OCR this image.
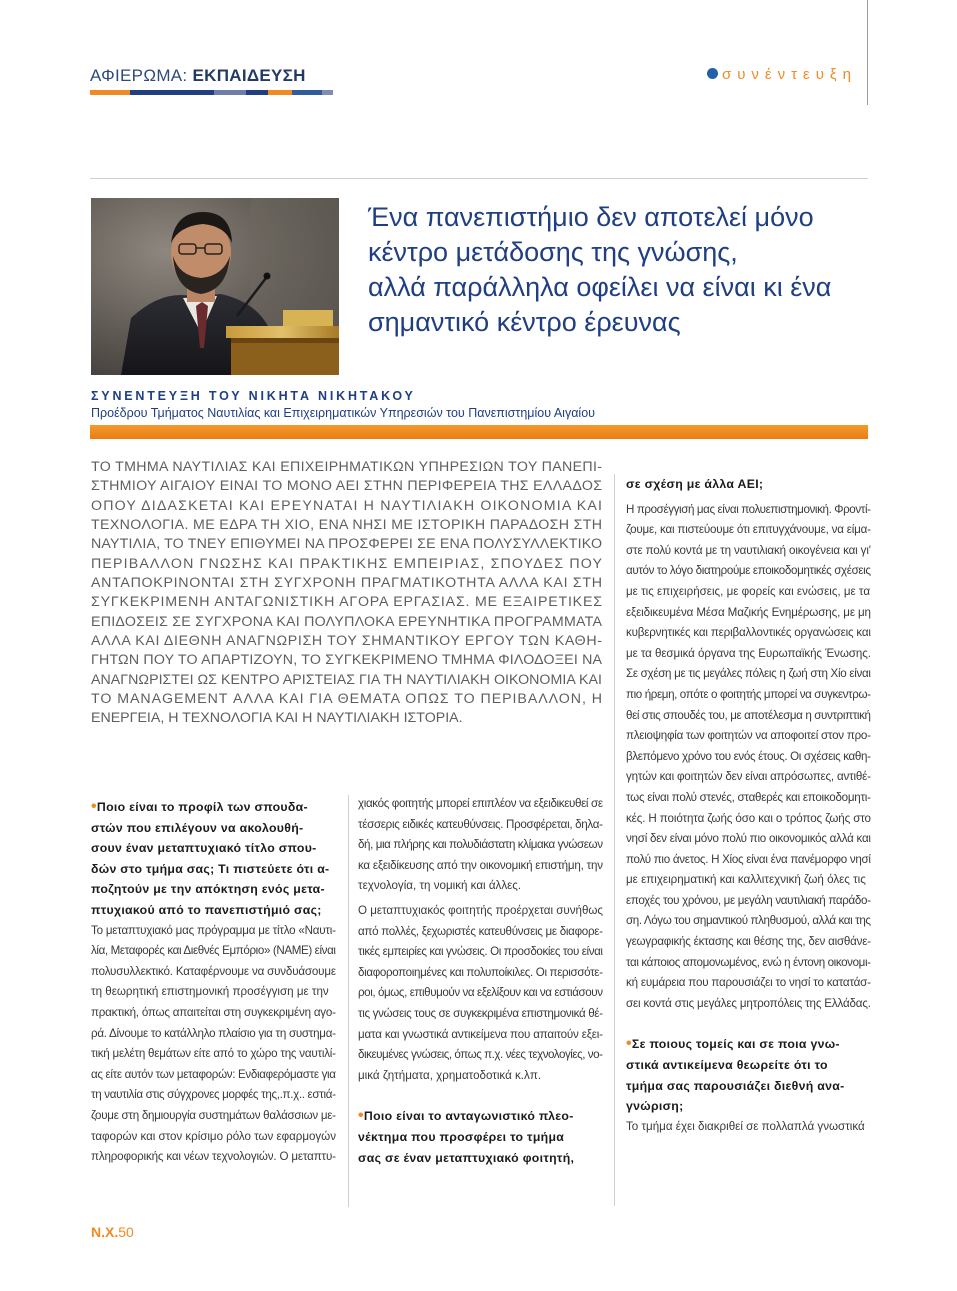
ΑΦΙΕΡΩΜΑ: ΕΚΠΑΙΔΕΥΣΗ	συνέντευξη
Ένα πανεπιστήμιο δεν αποτελεί μόνο
κέντρο μετάδοσης της γνώσης,
αλλά παράλληλα οφείλει να είναι κι ένα
σημαντικό κέντρο έρευνας
ΣΥΝΕΝΤΕΥΞΗ ΤΟΥ ΝΙΚΗΤΑ ΝΙΚΗΤΑΚΟΥ
Προέδρου Τμήματος Ναυτιλίας και Επιχειρηματικών Υπηρεσιών του Πανεπιστημίου Αιγαίου
ΤΟ ΤΜΗΜΑ ΝΑΥΤΙΛΙΑΣ ΚΑΙ ΕΠΙΧΕΙΡΗΜΑΤΙΚΩΝ ΥΠΗΡΕΣΙΩΝ ΤΟΥ ΠΑΝΕΠΙ-
ΣΤΗΜΙΟΥ ΑΙΓΑΙΟΥ ΕΙΝΑΙ ΤΟ ΜΟΝΟ ΑΕΙ ΣΤΗΝ ΠΕΡΙΦΕΡΕΙΑ ΤΗΣ ΕΛΛΑΔΟΣ
ΟΠΟΥ ΔΙΔΑΣΚΕΤΑΙ ΚΑΙ ΕΡΕΥΝΑΤΑΙ Η ΝΑΥΤΙΛΙΑΚΗ ΟΙΚΟΝΟΜΙΑ ΚΑΙ
ΤΕΧΝΟΛΟΓΙΑ. ΜΕ ΕΔΡΑ ΤΗ ΧΙΟ, ΕΝΑ ΝΗΣΙ ΜΕ ΙΣΤΟΡΙΚΗ ΠΑΡΑΔΟΣΗ ΣΤΗ
ΝΑΥΤΙΛΙΑ, ΤΟ ΤΝΕΥ ΕΠΙΘΥΜΕΙ ΝΑ ΠΡΟΣΦΕΡΕΙ ΣΕ ΕΝΑ ΠΟΛΥΣΥΛΛΕΚΤΙΚΟ
ΠΕΡΙΒΑΛΛΟΝ ΓΝΩΣΗΣ ΚΑΙ ΠΡΑΚΤΙΚΗΣ ΕΜΠΕΙΡΙΑΣ, ΣΠΟΥΔΕΣ ΠΟΥ
ΑΝΤΑΠΟΚΡΙΝΟΝΤΑΙ ΣΤΗ ΣΥΓΧΡΟΝΗ ΠΡΑΓΜΑΤΙΚΟΤΗΤΑ ΑΛΛΑ ΚΑΙ ΣΤΗ
ΣΥΓΚΕΚΡΙΜΕΝΗ ΑΝΤΑΓΩΝΙΣΤΙΚΗ ΑΓΟΡΑ ΕΡΓΑΣΙΑΣ. ΜΕ ΕΞΑΙΡΕΤΙΚΕΣ
ΕΠΙΔΟΣΕΙΣ ΣΕ ΣΥΓΧΡΟΝΑ ΚΑΙ ΠΟΛΥΠΛΟΚΑ ΕΡΕΥΝΗΤΙΚΑ ΠΡΟΓΡΑΜΜΑΤΑ
ΑΛΛΑ ΚΑΙ ΔΙΕΘΝΗ ΑΝΑΓΝΩΡΙΣΗ ΤΟΥ ΣΗΜΑΝΤΙΚΟΥ ΕΡΓΟΥ ΤΩΝ ΚΑΘΗ-
ΓΗΤΩΝ ΠΟΥ ΤΟ ΑΠΑΡΤΙΖΟΥΝ, ΤΟ ΣΥΓΚΕΚΡΙΜΕΝΟ ΤΜΗΜΑ ΦΙΛΟΔΟΞΕΙ ΝΑ
ΑΝΑΓΝΩΡΙΣΤΕΙ ΩΣ ΚΕΝΤΡΟ ΑΡΙΣΤΕΙΑΣ ΓΙΑ ΤΗ ΝΑΥΤΙΛΙΑΚΗ ΟΙΚΟΝΟΜΙΑ ΚΑΙ
ΤΟ MANAGEMENT ΑΛΛΑ ΚΑΙ ΓΙΑ ΘΕΜΑΤΑ ΟΠΩΣ ΤΟ ΠΕΡΙΒΑΛΛΟΝ, Η
ΕΝΕΡΓΕΙΑ, Η ΤΕΧΝΟΛΟΓΙΑ ΚΑΙ Η ΝΑΥΤΙΛΙΑΚΗ ΙΣΤΟΡΙΑ.
•Ποιο είναι το προφίλ των σπουδα-
στών που επιλέγουν να ακολουθή-
σουν έναν μεταπτυχιακό τίτλο σπου-
δών στο τμήμα σας; Τι πιστεύετε ότι α-
ποζητούν με την απόκτηση ενός μετα-
πτυχιακού από το πανεπιστήμιό σας;
Το μεταπτυχιακό μας πρόγραμμα με τίτλο «Ναυτι-
λία, Μεταφορές και Διεθνές Εμπόριο» (ΝΑΜΕ) είναι
πολυσυλλεκτικό. Καταφέρνουμε να συνδυάσουμε
τη θεωρητική επιστημονική προσέγγιση με την
πρακτική, όπως απαιτείται στη συγκεκριμένη αγο-
ρά. Δίνουμε το κατάλληλο πλαίσιο για τη συστημα-
τική μελέτη θεμάτων είτε από το χώρο της ναυτιλί-
ας είτε αυτόν των μεταφορών: Ενδιαφερόμαστε για
τη ναυτιλία στις σύγχρονες μορφές της,.π.χ.. εστιά-
ζουμε στη δημιουργία συστημάτων θαλάσσιων με-
ταφορών και στον κρίσιμο ρόλο των εφαρμογών
πληροφορικής και νέων τεχνολογιών. Ο μεταπτυ-
χιακός φοιτητής μπορεί επιπλέον να εξειδικευθεί σε
τέσσερις ειδικές κατευθύνσεις. Προσφέρεται, δηλα-
δή, μια πλήρης και πολυδιάστατη κλίμακα γνώσεων
κα εξειδίκευσης από την οικονομική επιστήμη, την
τεχνολογία, τη νομική και άλλες.
Ο μεταπτυχιακός φοιτητής προέρχεται συνήθως
από πολλές, ξεχωριστές κατευθύνσεις με διαφορε-
τικές εμπειρίες και γνώσεις. Οι προσδοκίες του είναι
διαφοροποιημένες και πολυποίκιλες. Οι περισσότε-
ροι, όμως, επιθυμούν να εξελίξουν και να εστιάσουν
τις γνώσεις τους σε συγκεκριμένα επιστημονικά θέ-
ματα και γνωστικά αντικείμενα που απαιτούν εξει-
δικευμένες γνώσεις, όπως π.χ. νέες τεχνολογίες, νο-
μικά ζητήματα, χρηματοδοτικά κ.λπ.
•Ποιο είναι το ανταγωνιστικό πλεο-
νέκτημα που προσφέρει το τμήμα
σας σε έναν μεταπτυχιακό φοιτητή,
σε σχέση με άλλα ΑΕΙ;
Η προσέγγισή μας είναι πολυεπιστημονική. Φροντί-
ζουμε, και πιστεύουμε ότι επιτυγχάνουμε, να είμα-
στε πολύ κοντά με τη ναυτιλιακή οικογένεια και γι'
αυτόν το λόγο διατηρούμε εποικοδομητικές σχέσεις
με τις επιχειρήσεις, με φορείς και ενώσεις, με τα
εξειδικευμένα Μέσα Μαζικής Ενημέρωσης, με μη
κυβερνητικές και περιβαλλοντικές οργανώσεις και
με τα θεσμικά όργανα της Ευρωπαϊκής Ένωσης.
Σε σχέση με τις μεγάλες πόλεις η ζωή στη Χίο είναι
πιο ήρεμη, οπότε ο φοιτητής μπορεί να συγκεντρω-
θεί στις σπουδές του, με αποτέλεσμα η συντριπτική
πλειοψηφία των φοιτητών να αποφοιτεί στον προ-
βλεπόμενο χρόνο του ενός έτους. Οι σχέσεις καθη-
γητών και φοιτητών δεν είναι απρόσωπες, αντιθέ-
τως είναι πολύ στενές, σταθερές και εποικοδομητι-
κές. Η ποιότητα ζωής όσο και ο τρόπος ζωής στο
νησί δεν είναι μόνο πολύ πιο οικονομικός αλλά και
πολύ πιο άνετος. Η Χίος είναι ένα πανέμορφο νησί
με επιχειρηματική και καλλιτεχνική ζωή όλες τις
εποχές του χρόνου, με μεγάλη ναυτιλιακή παράδο-
ση. Λόγω του σημαντικού πληθυσμού, αλλά και της
γεωγραφικής έκτασης και θέσης της, δεν αισθάνε-
ται κάποιος απομονωμένος, ενώ η έντονη οικονομι-
κή ευμάρεια που παρουσιάζει το νησί το κατατάσ-
σει κοντά στις μεγάλες μητροπόλεις της Ελλάδας.
•Σε ποιους τομείς και σε ποια γνω-
στικά αντικείμενα θεωρείτε ότι το
τμήμα σας παρουσιάζει διεθνή ανα-
γνώριση;
Το τμήμα έχει διακριθεί σε πολλαπλά γνωστικά
Ν.Χ.50
